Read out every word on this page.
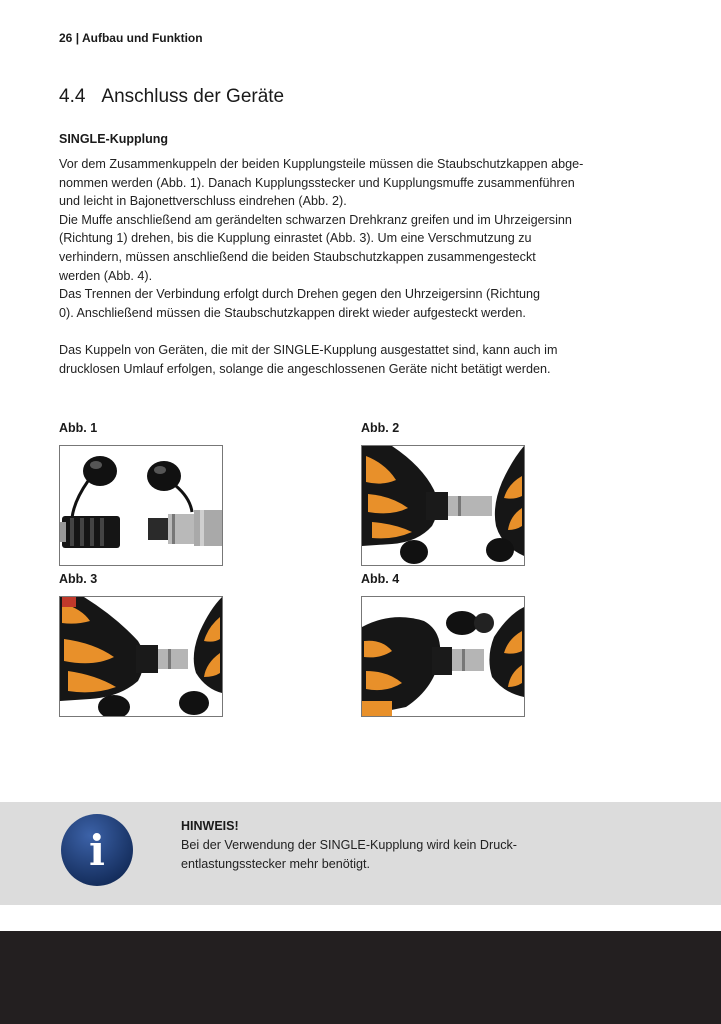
26 | Aufbau und Funktion
4.4 Anschluss der Geräte
SINGLE-Kupplung

Vor dem Zusammenkuppeln der beiden Kupplungsteile müssen die Staubschutzkappen abge-

nommen werden (Abb. 1). Danach Kupplungsstecker und Kupplungsmuffe zusammenführen

und leicht in Bajonettverschluss eindrehen (Abb. 2).

Die Muffe anschließend am gerändelten schwarzen Drehkranz greifen und im Uhrzeigersinn

(Richtung 1) drehen, bis die Kupplung einrastet (Abb. 3). Um eine Verschmutzung zu

verhindern, müssen anschließend die beiden Staubschutzkappen zusammengesteckt

werden (Abb. 4).

Das Trennen der Verbindung erfolgt durch Drehen gegen den Uhrzeigersinn (Richtung

0). Anschließend müssen die Staubschutzkappen direkt wieder aufgesteckt werden.

Das Kuppeln von Geräten, die mit der SINGLE-Kupplung ausgestattet sind, kann auch im

drucklosen Umlauf erfolgen, solange die angeschlossenen Geräte nicht betätigt werden.

Abb. 1	Abb. 2
Abb. 3	Abb. 4
i	HINWEIS!

Bei der Verwendung der SINGLE-Kupplung wird kein Druck-

entlastungsstecker mehr benötigt.
